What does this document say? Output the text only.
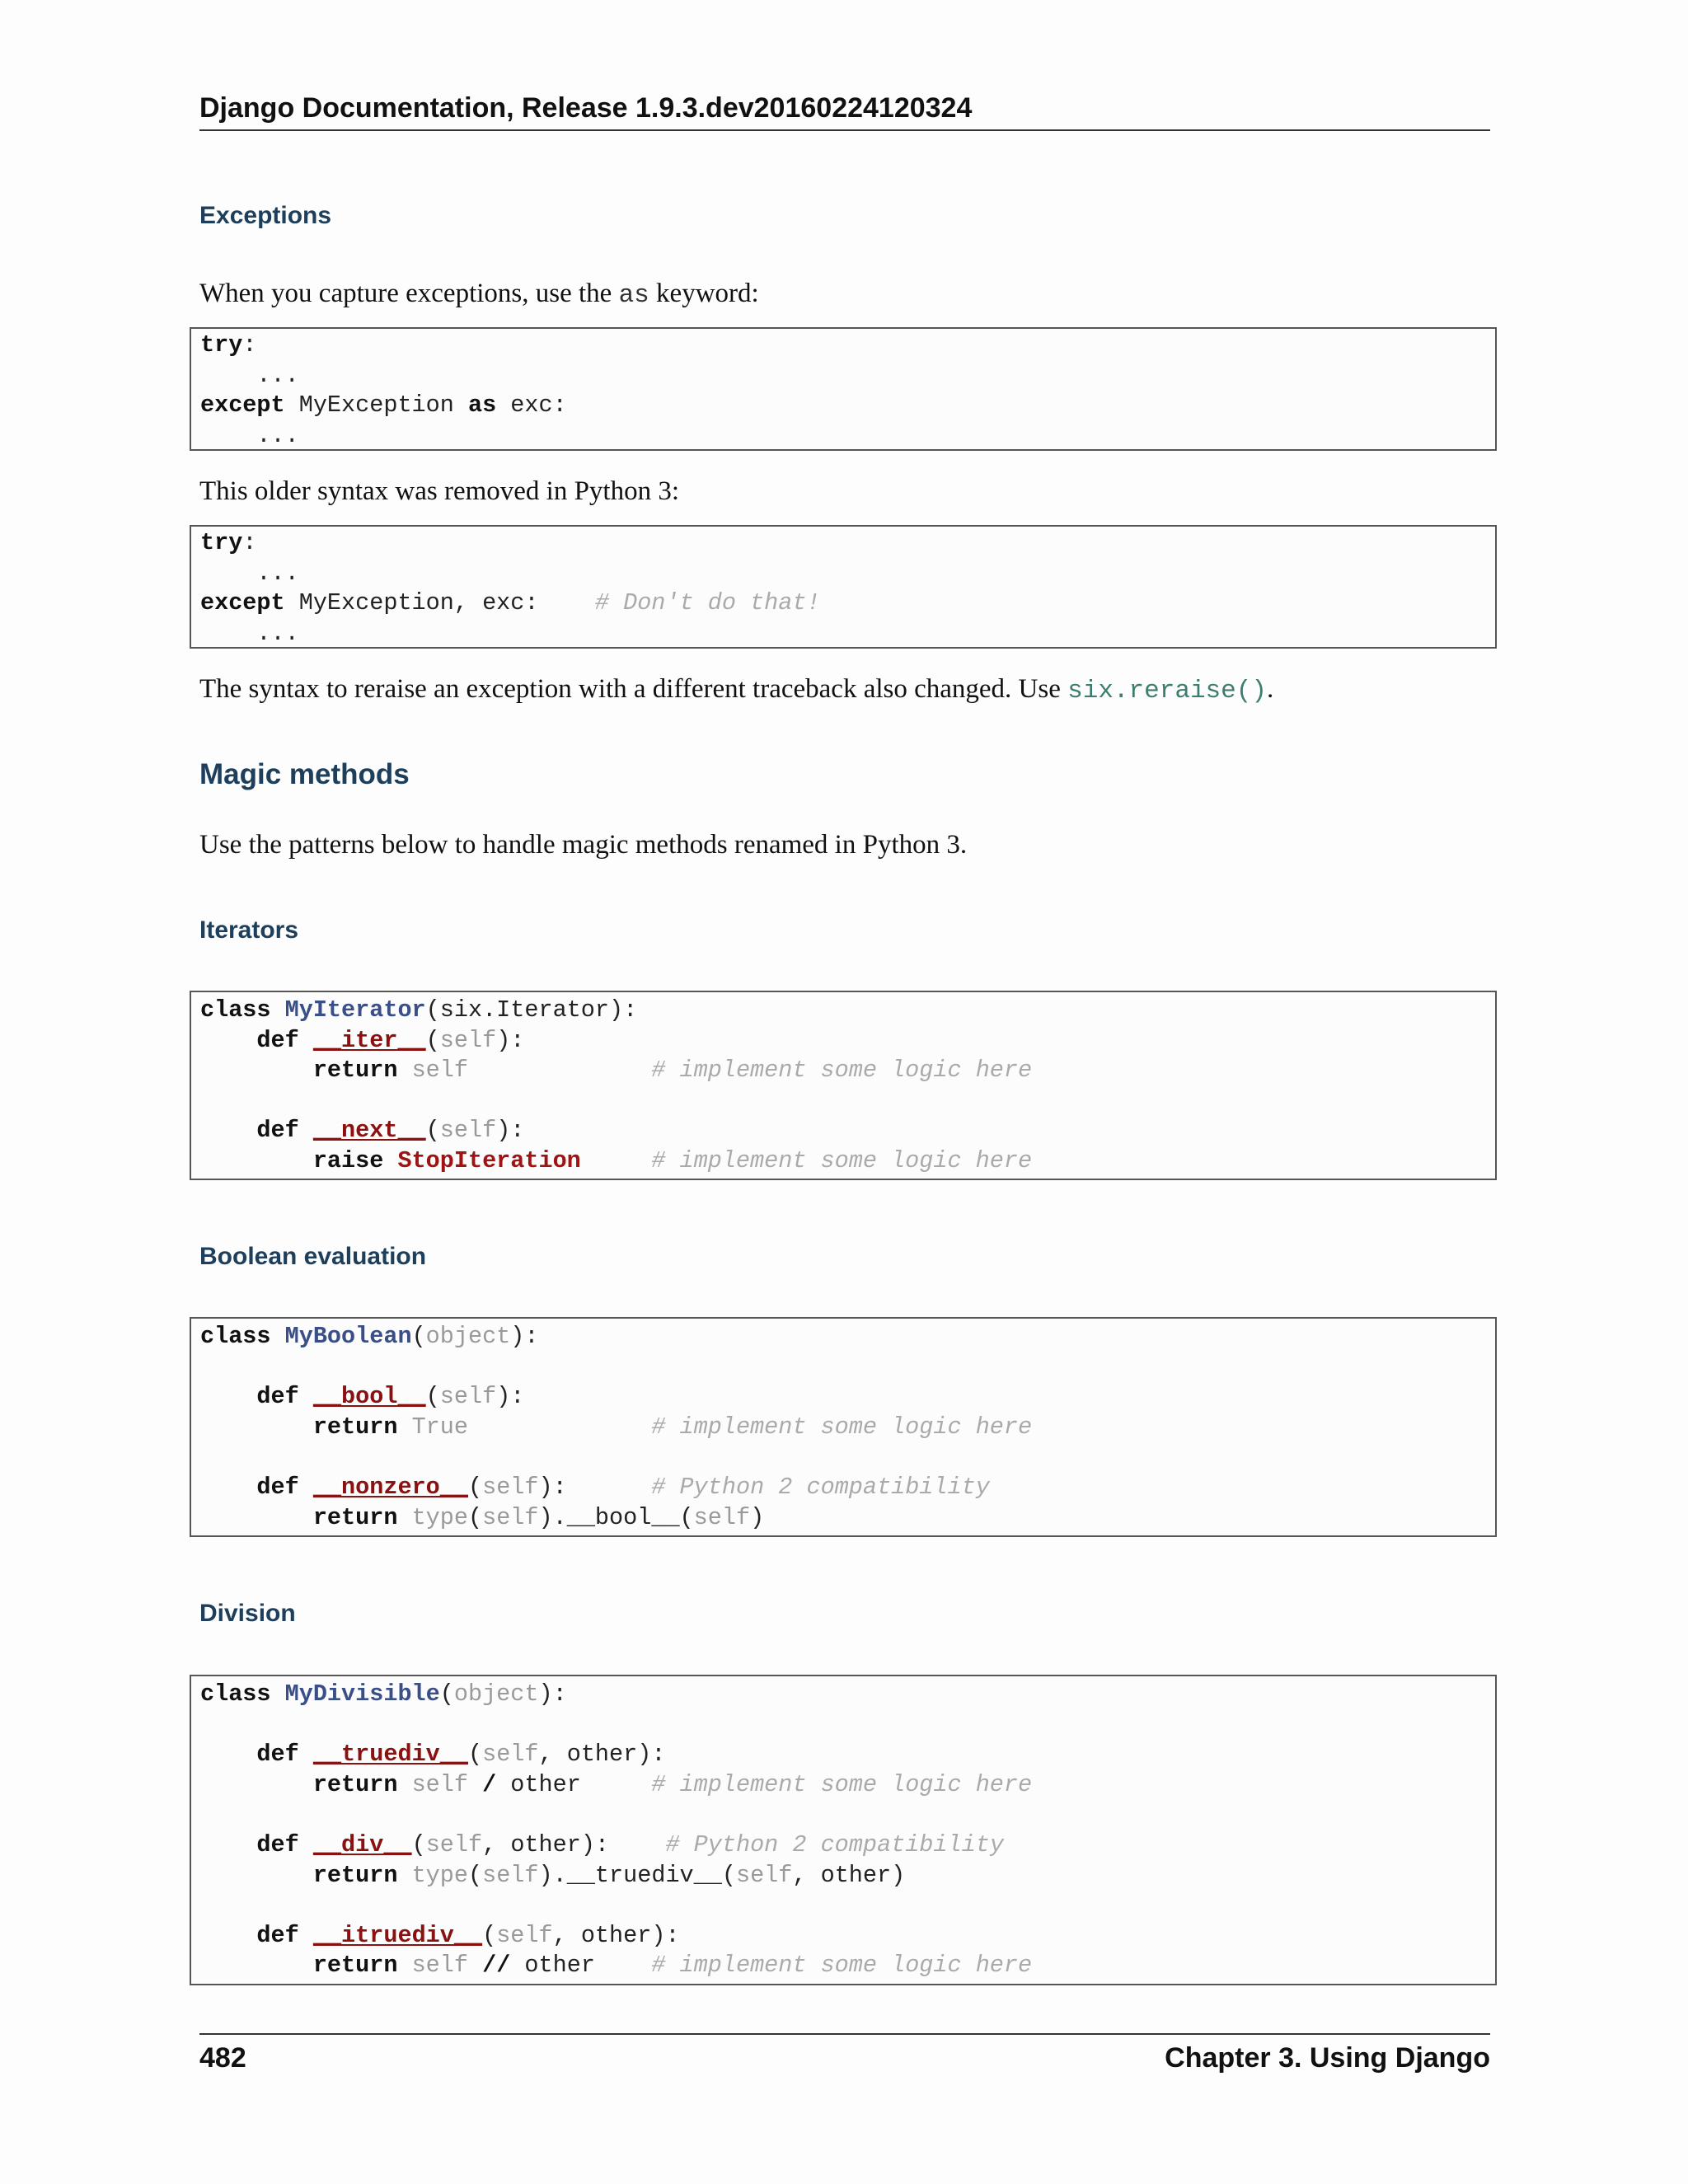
Django Documentation, Release 1.9.3.dev20160224120324
Exceptions
When you capture exceptions, use the as keyword:
try:
...
except MyException as exc:
...
This older syntax was removed in Python 3:
try:
...
except MyException, exc:    # Don't do that!
...
The syntax to reraise an exception with a different traceback also changed. Use six.reraise().
Magic methods
Use the patterns below to handle magic methods renamed in Python 3.
Iterators
class MyIterator(six.Iterator):
def __iter__(self):
return self	# implement some logic here
def __next__(self):
raise StopIteration	# implement some logic here
Boolean evaluation
class MyBoolean(object):
def __bool__(self):
return True	# implement some logic here
def __nonzero__(self):      # Python 2 compatibility
return type(self).__bool__(self)
Division
class MyDivisible(object):
def __truediv__(self, other):
return self / other     # implement some logic here
def __div__(self, other):    # Python 2 compatibility
return type(self).__truediv__(self, other)
def __itruediv__(self, other):
return self // other    # implement some logic here
482	Chapter 3. Using Django
